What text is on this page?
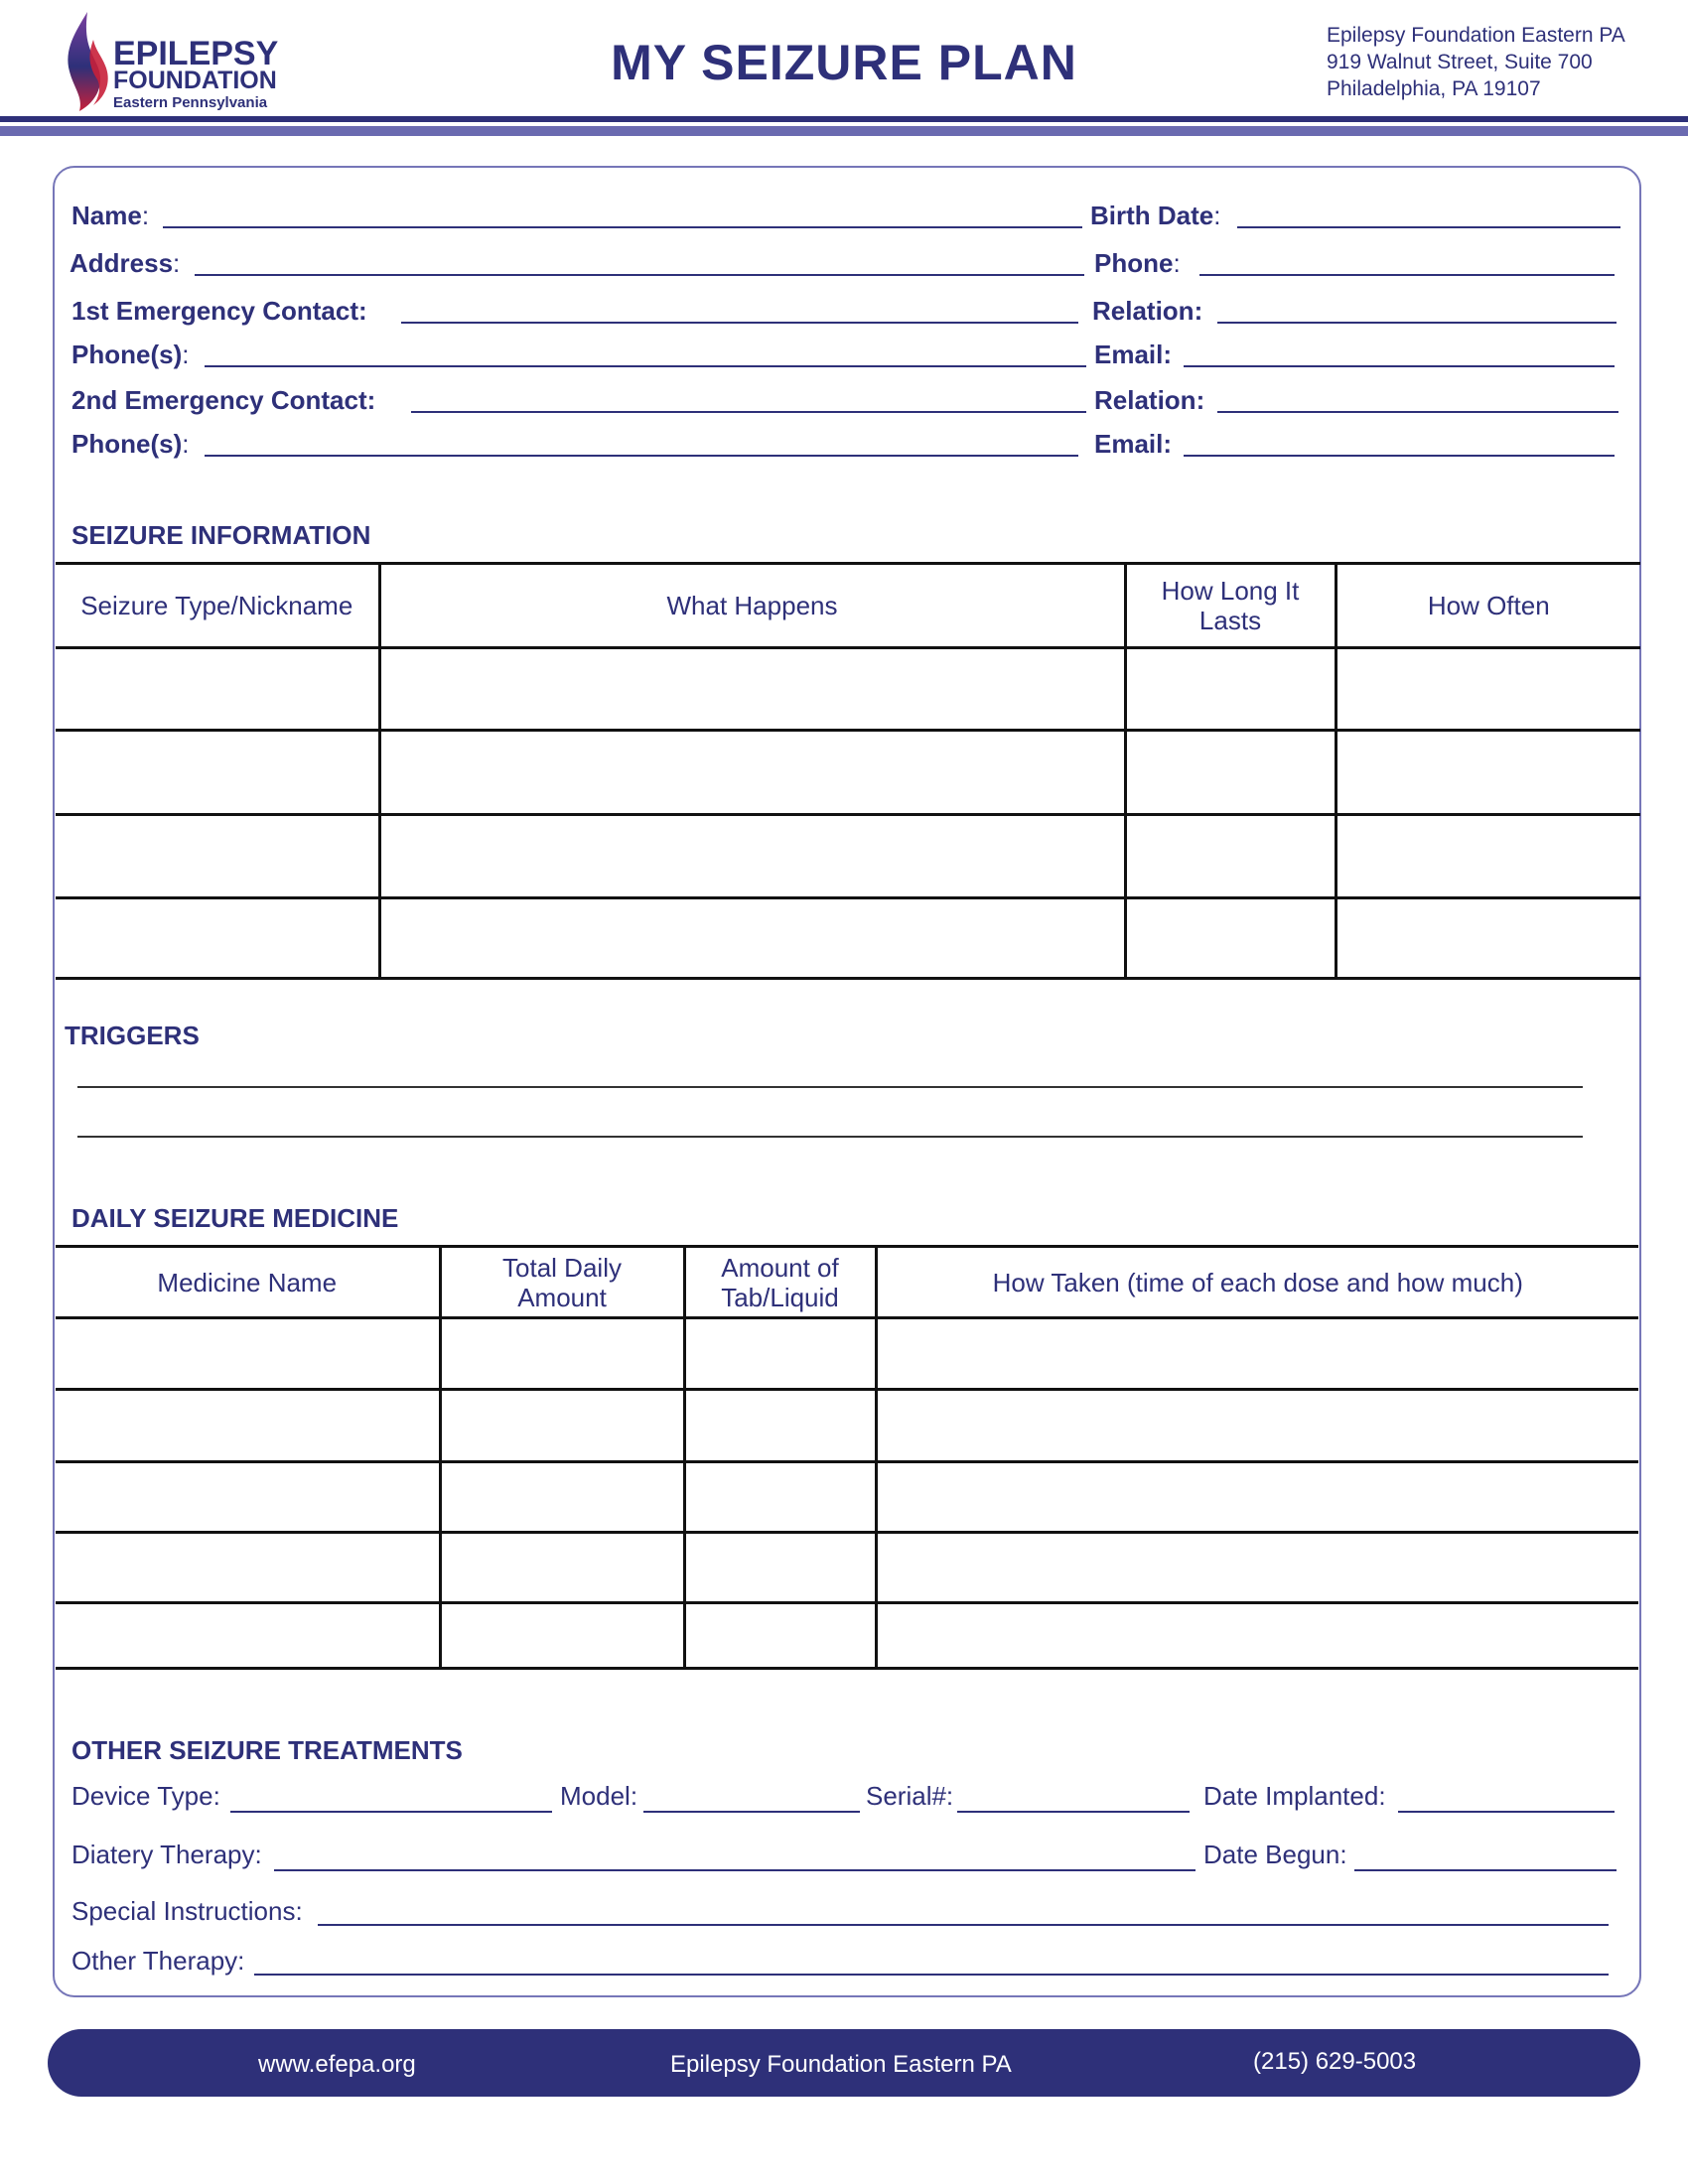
EPILEPSY
FOUNDATION
Eastern Pennsylvania
MY SEIZURE PLAN	Epilepsy Foundation Eastern PA
919 Walnut Street, Suite 700
Philadelphia, PA 19107
Name:	Birth Date:
Address:	Phone:
1st Emergency Contact:	Relation:
Phone(s):	Email:
2nd Emergency Contact:	Relation:
Phone(s):	Email:
SEIZURE INFORMATION
Seizure Type/Nickname	What Happens	How Long It Lasts	How Often

TRIGGERS
DAILY SEIZURE MEDICINE
Medicine Name	Total Daily Amount	Amount of Tab/Liquid	How Taken (time of each dose and how much)

OTHER SEIZURE TREATMENTS
Device Type:	Model:	Serial#:	Date Implanted:
Diatery Therapy:	Date Begun:
Special Instructions:
Other Therapy:
www.efepa.org	Epilepsy Foundation Eastern PA	(215) 629-5003
